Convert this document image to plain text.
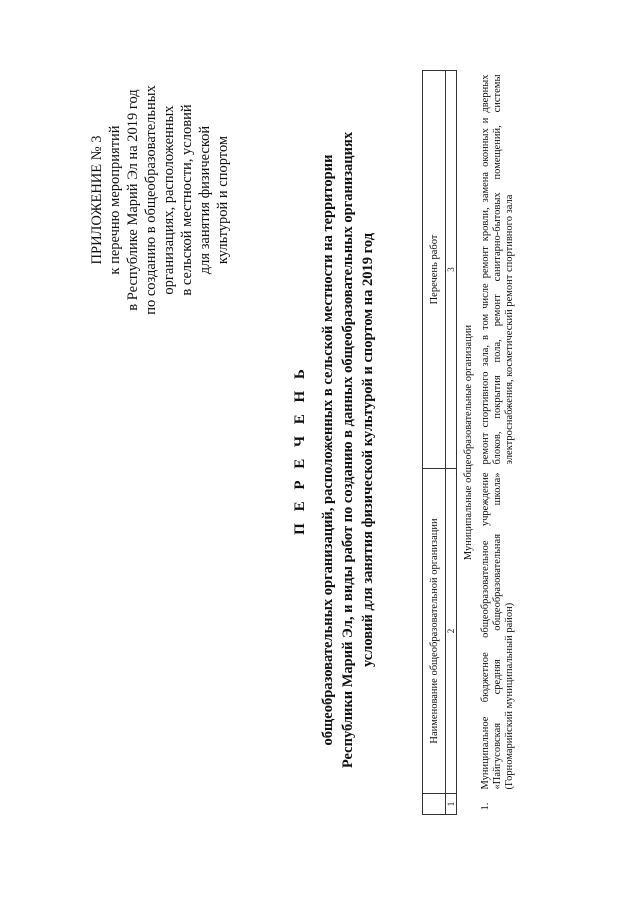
ПРИЛОЖЕНИЕ № 3 к перечню мероприятий в Республике Марий Эл на 2019 год по созданию в общеобразовательных организациях, расположенных в сельской местности, условий для занятия физической культурой и спортом
П Е Р Е Ч Е Н Ь общеобразовательных организаций, расположенных в сельской местности на территории Республики Марий Эл, и виды работ по созданию в данных общеобразовательных организациях условий для занятия физической культурой и спортом на 2019 год
		Наименование общеобразовательной организации	Перечень работ
1	2	3
Муниципальные общеобразовательные организации		
1.	Муниципальное бюджетное общеобразовательное учреждение «Пайгусовская средняя общеобразовательная школа» (Горномарийский муниципальный район)	ремонт спортивного зала, в том числе ремонт кровли, замена оконных и дверных блоков, покрытия пола, ремонт санитарно-бытовых помещений, системы электроснабжения, косметический ремонт спортивного зала
